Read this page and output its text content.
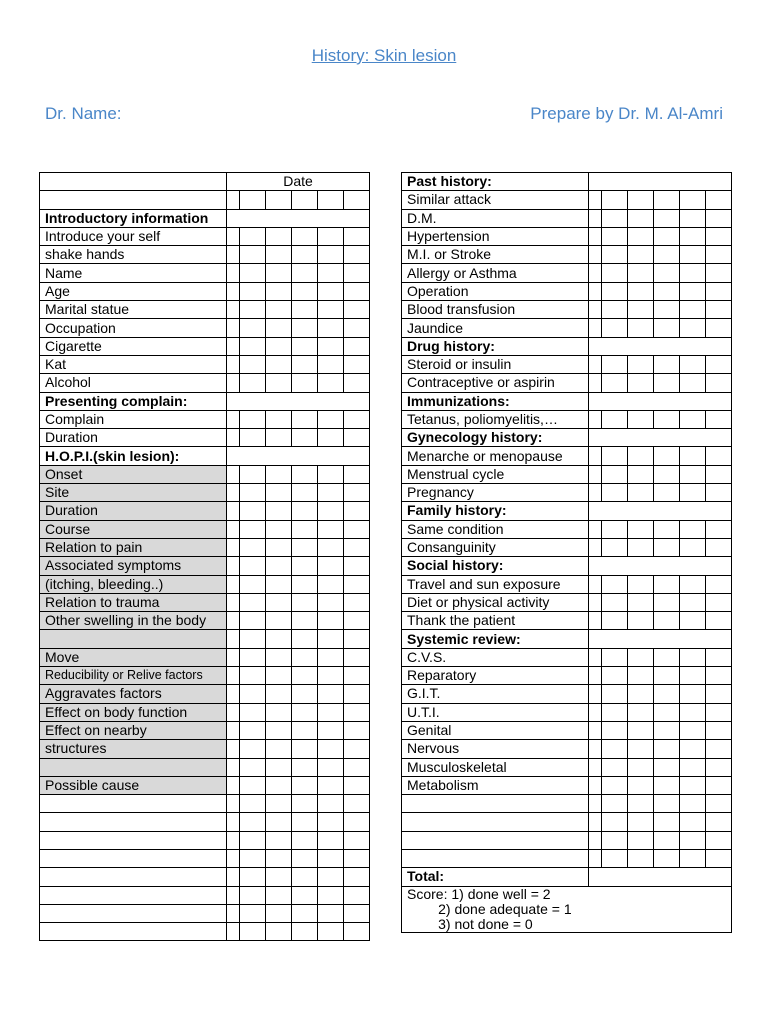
History: Skin lesion
Dr. Name:	Prepare by Dr. M. Al-Amri
	Date					

Introductory information						
Introduce your self						
shake hands						
Name						
Age						
Marital statue						
Occupation						
Cigarette						
Kat						
Alcohol						
Presenting complain:						
Complain						
Duration						
H.O.P.I.(skin lesion):						
Onset						
Site						
Duration						
Course						
Relation to pain						
Associated symptoms						
(itching, bleeding..)						
Relation to trauma						
Other swelling in the body						

Move						
Reducibility or Relive factors						
Aggravates factors						
Effect on body function						
Effect on nearby						
structures						

Possible cause						

Past history:						
Similar attack						
D.M.						
Hypertension						
M.I. or Stroke						
Allergy or Asthma						
Operation						
Blood transfusion						
Jaundice						
Drug history:						
Steroid or insulin						
Contraceptive or aspirin						
Immunizations:						
Tetanus, poliomyelitis,…						
Gynecology history:						
Menarche or menopause						
Menstrual cycle						
Pregnancy						
Family history:						
Same condition						
Consanguinity						
Social history:						
Travel and sun exposure						
Diet or physical activity						
Thank the patient						
Systemic review:						
C.V.S.						
Reparatory						
G.I.T.						
U.T.I.						
Genital						
Nervous						
Musculoskeletal						
Metabolism						

Total:						

Score: 1) done well = 2
2) done adequate = 1
3) not done = 0						
